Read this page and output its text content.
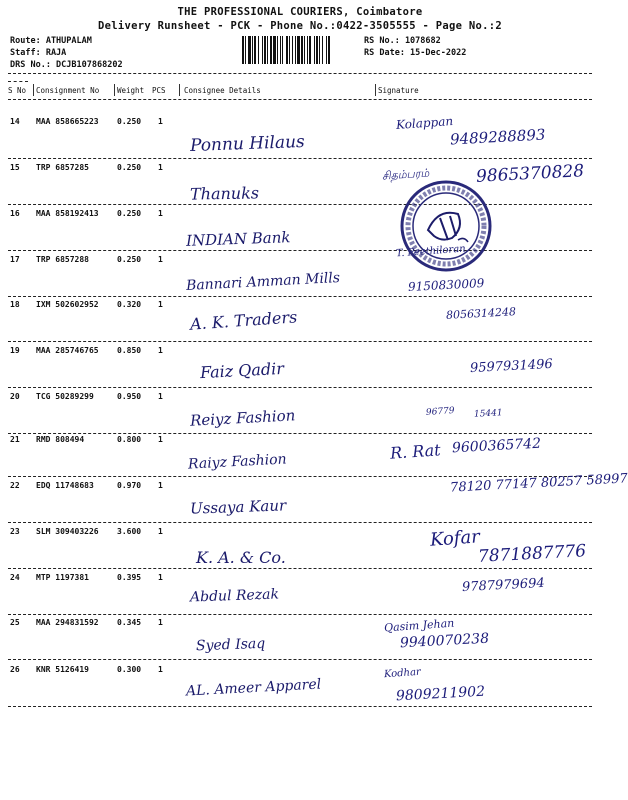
THE PROFESSIONAL COURIERS, Coimbatore
Delivery Runsheet - PCK - Phone No.:0422-3505555 - Page No.:2
Route: ATHUPALAM
Staff: RAJA
DRS No.: DCJB107868202
RS No.: 1078682
RS Date: 15-Dec-2022
S No Consignment No Weight PCS Consignee Details	Signature
14 MAA 858665223 0.250 1
Ponnu Hilaus
Kolappan
9489288893
15 TRP 6857285	0.250 1
Thanuks
சிதம்பரம்	9865370828
16 MAA 858192413 0.250 1
INDIAN Bank
17 TRP 6857288	0.250 1
Bannari Amman Mills
T. Peethiloran
9150830009
18 IXM 502602952 0.320 1
A. K. Traders	8056314248
19 MAA 285746765 0.850 1
Faiz Qadir	9597931496
20 TCG 50289299	0.950 1
Reiyz Fashion	96779 15441
21 RMD 808494	0.800 1
Raiyz Fashion	R. Rat 9600365742
22 EDQ 11748683	0.970 1
Ussaya Kaur
78120 77147 80257 58997
23 SLM 309403226 3.600 1
K. A. & Co.
Kofar
7871887776
24 MTP 1197381	0.395 1
Abdul Rezak
9787979694
25 MAA 294831592 0.345 1
Syed Isaq
Qasim Jehan
9940070238
26 KNR 5126419	0.300 1
AL. Ameer Apparel
Kodhar
9809211902
